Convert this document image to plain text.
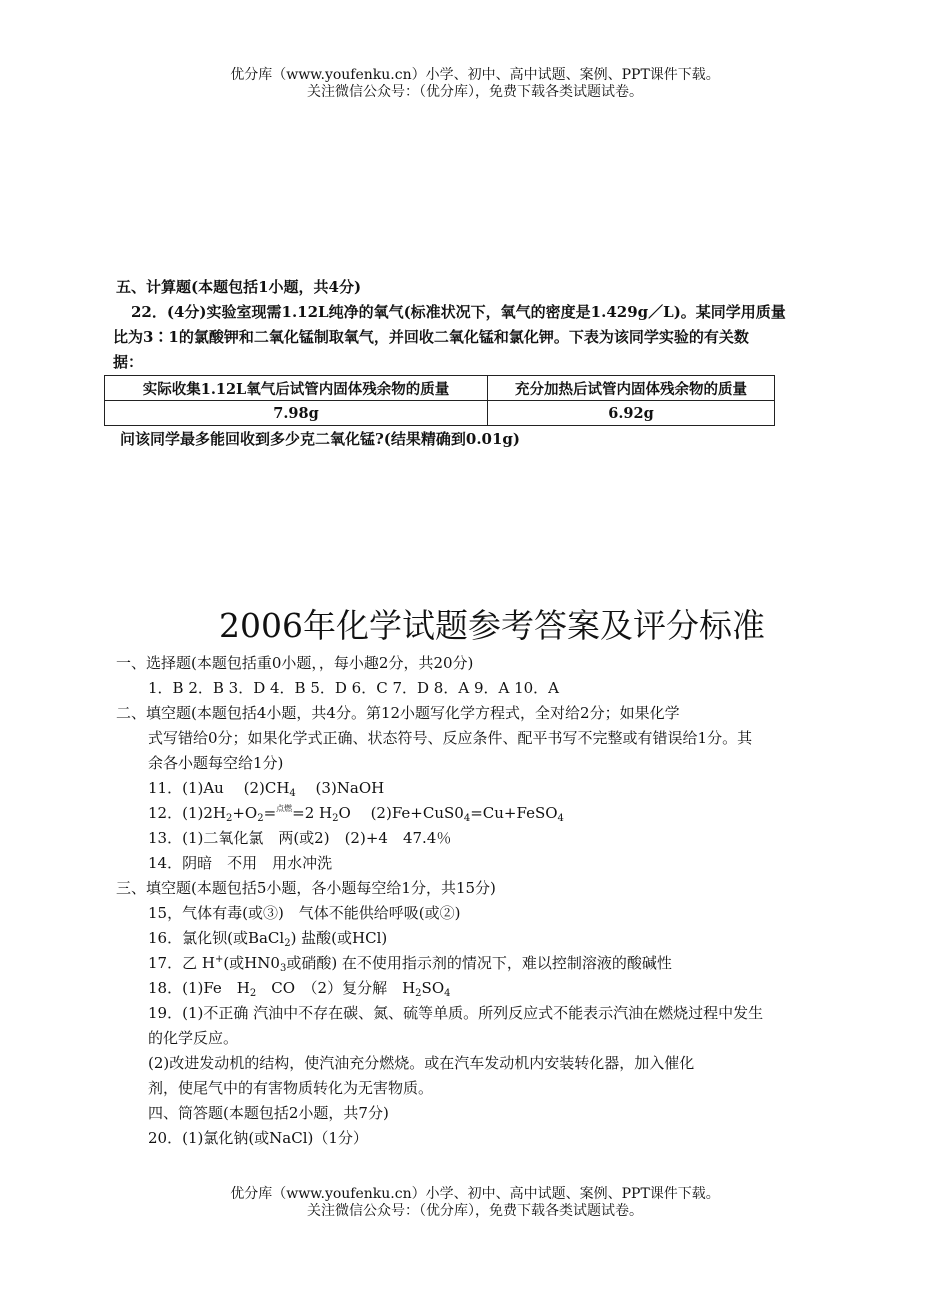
优分库（www.youfenku.cn）小学、初中、高中试题、案例、PPT课件下载。
关注微信公众号：（优分库），免费下载各类试题试卷。
五、计算题(本题包括1小题，共4分)
　22．(4分)实验室现需1.12L纯净的氧气(标准状况下，氧气的密度是1.429g／L)。某同学用质量
比为3∶1的氯酸钾和二氧化锰制取氧气，并回收二氧化锰和氯化钾。下表为该同学实验的有关数
据：
实际收集1.12L氧气后试管内固体残余物的质量	充分加热后试管内固体残余物的质量
7.98g	6.92g
问该同学最多能回收到多少克二氧化锰?(结果精确到0.01g)
2006年化学试题参考答案及评分标准
一、选择题(本题包括重0小题，，每小趣2分，共20分)
1．B 2．B 3．D 4．B 5．D 6．C 7．D 8．A 9．A 10．A
二、填空题(本题包括4小题，共4分。第12小题写化学方程式，全对给2分；如果化学
式写错给0分；如果化学式正确、状态符号、反应条件、配平书写不完整或有错误给1分。其
余各小题每空给1分)
11．(1)Au　 $(2)CH_4$　 (3)NaOH
12．$(1)2H_2+O_2=^{点燃}=2$ $H_2O$　 $(2)Fe+CuS0_4=Cu+FeSO_4$
13．(1)二氧化氯　两(或2)　(2)+4　47.4％
14．阴暗　不用　用水冲洗
三、填空题(本题包括5小题，各小题每空给1分，共15分)
15，气体有毒(或③)　气体不能供给呼吸(或②)
16．氯化钡(或BaCl$_2$) 盐酸(或HCl)
17．乙 H+(或$HN0_3$或硝酸) 在不使用指示剂的情况下，难以控制溶液的酸碱性
18．(1)Fe　$H_2$　CO　（2）复分解　$H_2SO_4$
19．(1)不正确 汽油中不存在碳、氮、硫等单质。所列反应式不能表示汽油在燃烧过程中发生
的化学反应。
(2)改进发动机的结构，使汽油充分燃烧。或在汽车发动机内安装转化器，加入催化
剂，使尾气中的有害物质转化为无害物质。
四、筒答题(本题包括2小题，共7分)
20．(1)氯化钠(或NaCl)（1分）
优分库（www.youfenku.cn）小学、初中、高中试题、案例、PPT课件下载。
关注微信公众号：（优分库），免费下载各类试题试卷。
